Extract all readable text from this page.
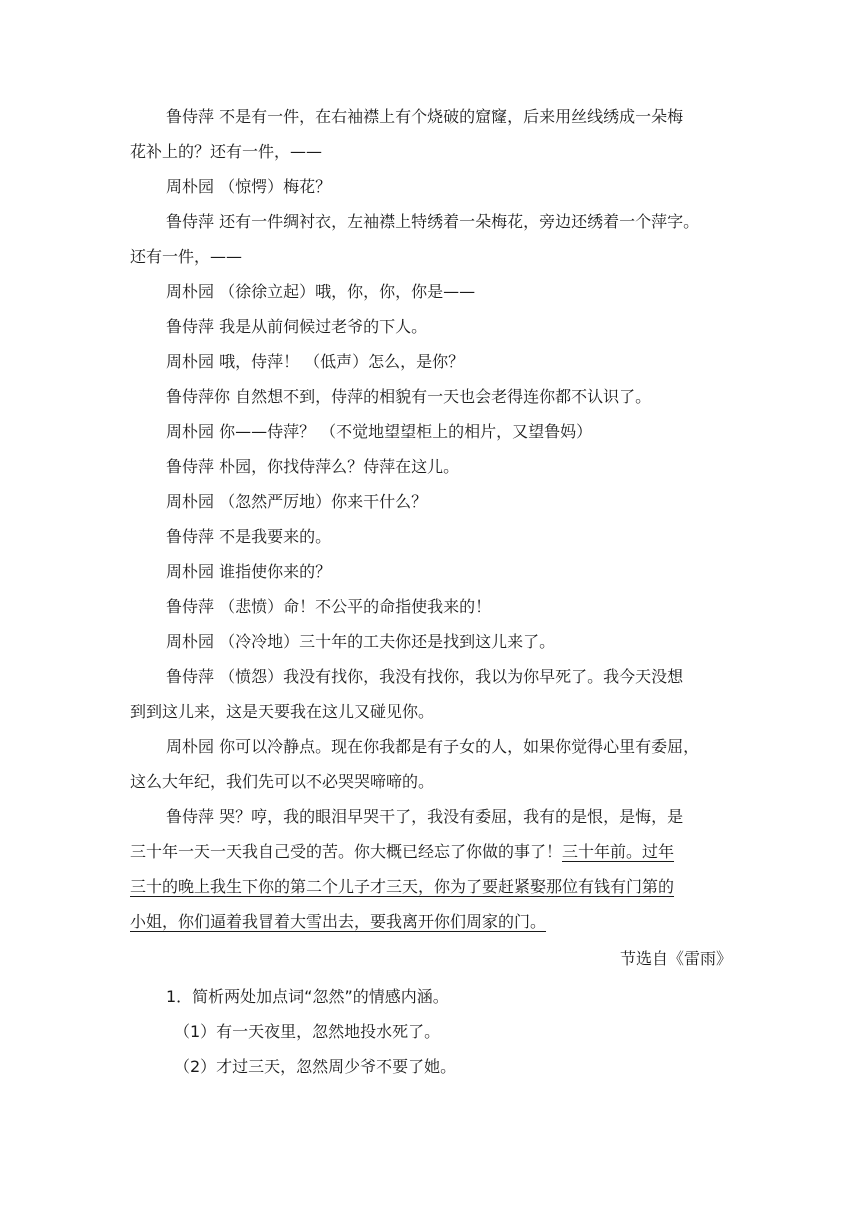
鲁侍萍 不是有一件，在右袖襟上有个烧破的窟窿，后来用丝线绣成一朵梅
花补上的？还有一件，——
周朴园 （惊愕）梅花？
鲁侍萍 还有一件绸衬衣，左袖襟上特绣着一朵梅花，旁边还绣着一个萍字。
还有一件，——
周朴园 （徐徐立起）哦，你，你，你是——
鲁侍萍 我是从前伺候过老爷的下人。
周朴园 哦，侍萍！ （低声）怎么，是你？
鲁侍萍你 自然想不到，侍萍的相貌有一天也会老得连你都不认识了。
周朴园 你——侍萍？ （不觉地望望柜上的相片，又望鲁妈）
鲁侍萍 朴园，你找侍萍么？侍萍在这儿。
周朴园 （忽然严厉地）你来干什么？
鲁侍萍 不是我要来的。
周朴园 谁指使你来的？
鲁侍萍 （悲愤）命！不公平的命指使我来的！
周朴园 （冷冷地）三十年的工夫你还是找到这儿来了。
鲁侍萍 （愤怨）我没有找你，我没有找你，我以为你早死了。我今天没想
到到这儿来，这是天要我在这儿又碰见你。
周朴园 你可以冷静点。现在你我都是有子女的人，如果你觉得心里有委屈，
这么大年纪，我们先可以不必哭哭啼啼的。
鲁侍萍 哭？哼，我的眼泪早哭干了，我没有委屈，我有的是恨，是悔，是
三十年一天一天我自己受的苦。你大概已经忘了你做的事了！三十年前。过年
三十的晚上我生下你的第二个儿子才三天，你为了要赶紧娶那位有钱有门第的
小姐，你们逼着我冒着大雪出去，要我离开你们周家的门。
节选自《雷雨》
1．简析两处加点词“忽然”的情感内涵。
（1）有一天夜里，忽然地投水死了。
（2）才过三天，忽然周少爷不要了她。
